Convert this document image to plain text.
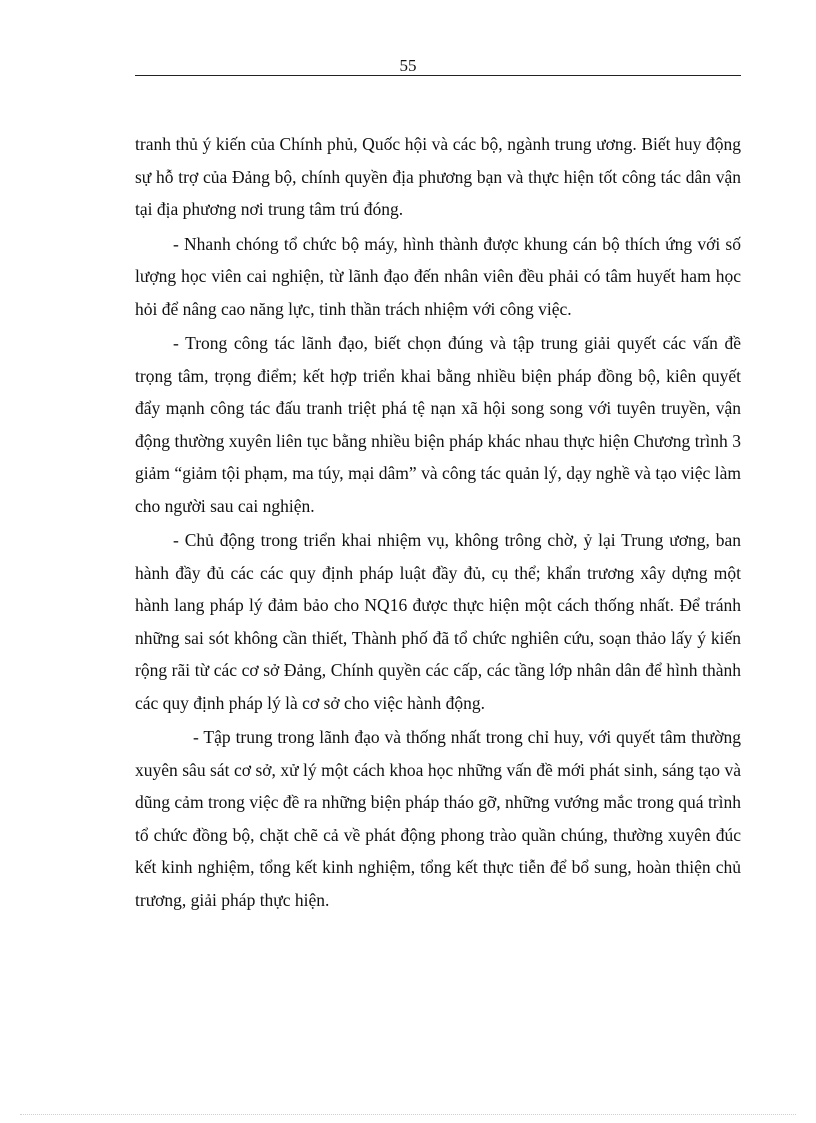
55

tranh thủ ý kiến của Chính phủ, Quốc hội và các bộ, ngành trung ương. Biết huy động sự hỗ trợ của Đảng bộ, chính quyền địa phương bạn và thực hiện tốt công tác dân vận tại địa phương nơi trung tâm trú đóng.

- Nhanh chóng tổ chức bộ máy, hình thành được khung cán bộ thích ứng với số lượng học viên cai nghiện, từ lãnh đạo đến nhân viên đều phải có tâm huyết ham học hỏi để nâng cao năng lực, tinh thần trách nhiệm với công việc.

- Trong công tác lãnh đạo, biết chọn đúng và tập trung giải quyết các vấn đề trọng tâm, trọng điểm; kết hợp triển khai bằng nhiều biện pháp đồng bộ, kiên quyết đẩy mạnh công tác đấu tranh triệt phá tệ nạn xã hội song song với tuyên truyền, vận động thường xuyên liên tục bằng nhiều biện pháp khác nhau thực hiện Chương trình 3 giảm “giảm tội phạm, ma túy, mại dâm” và công tác quản lý, dạy nghề và tạo việc làm cho người sau cai nghiện.

- Chủ động trong triển khai nhiệm vụ, không trông chờ, ỷ lại Trung ương, ban hành đầy đủ các các quy định pháp luật đầy đủ, cụ thể; khẩn trương xây dựng một hành lang pháp lý đảm bảo cho NQ16 được thực hiện một cách thống nhất. Để tránh những sai sót không cần thiết, Thành phố đã tổ chức nghiên cứu, soạn thảo lấy ý kiến rộng rãi từ các cơ sở Đảng, Chính quyền các cấp, các tầng lớp nhân dân để hình thành các quy định pháp lý là cơ sở cho việc hành động.

- Tập trung trong lãnh đạo và thống nhất trong chỉ huy, với quyết tâm thường xuyên sâu sát cơ sở, xử lý một cách khoa học những vấn đề mới phát sinh, sáng tạo và dũng cảm trong việc đề ra những biện pháp tháo gỡ, những vướng mắc trong quá trình tổ chức đồng bộ, chặt chẽ cả về phát động phong trào quần chúng, thường xuyên đúc kết kinh nghiệm, tổng kết kinh nghiệm, tổng kết thực tiễn để bổ sung, hoàn thiện chủ trương, giải pháp thực hiện.
